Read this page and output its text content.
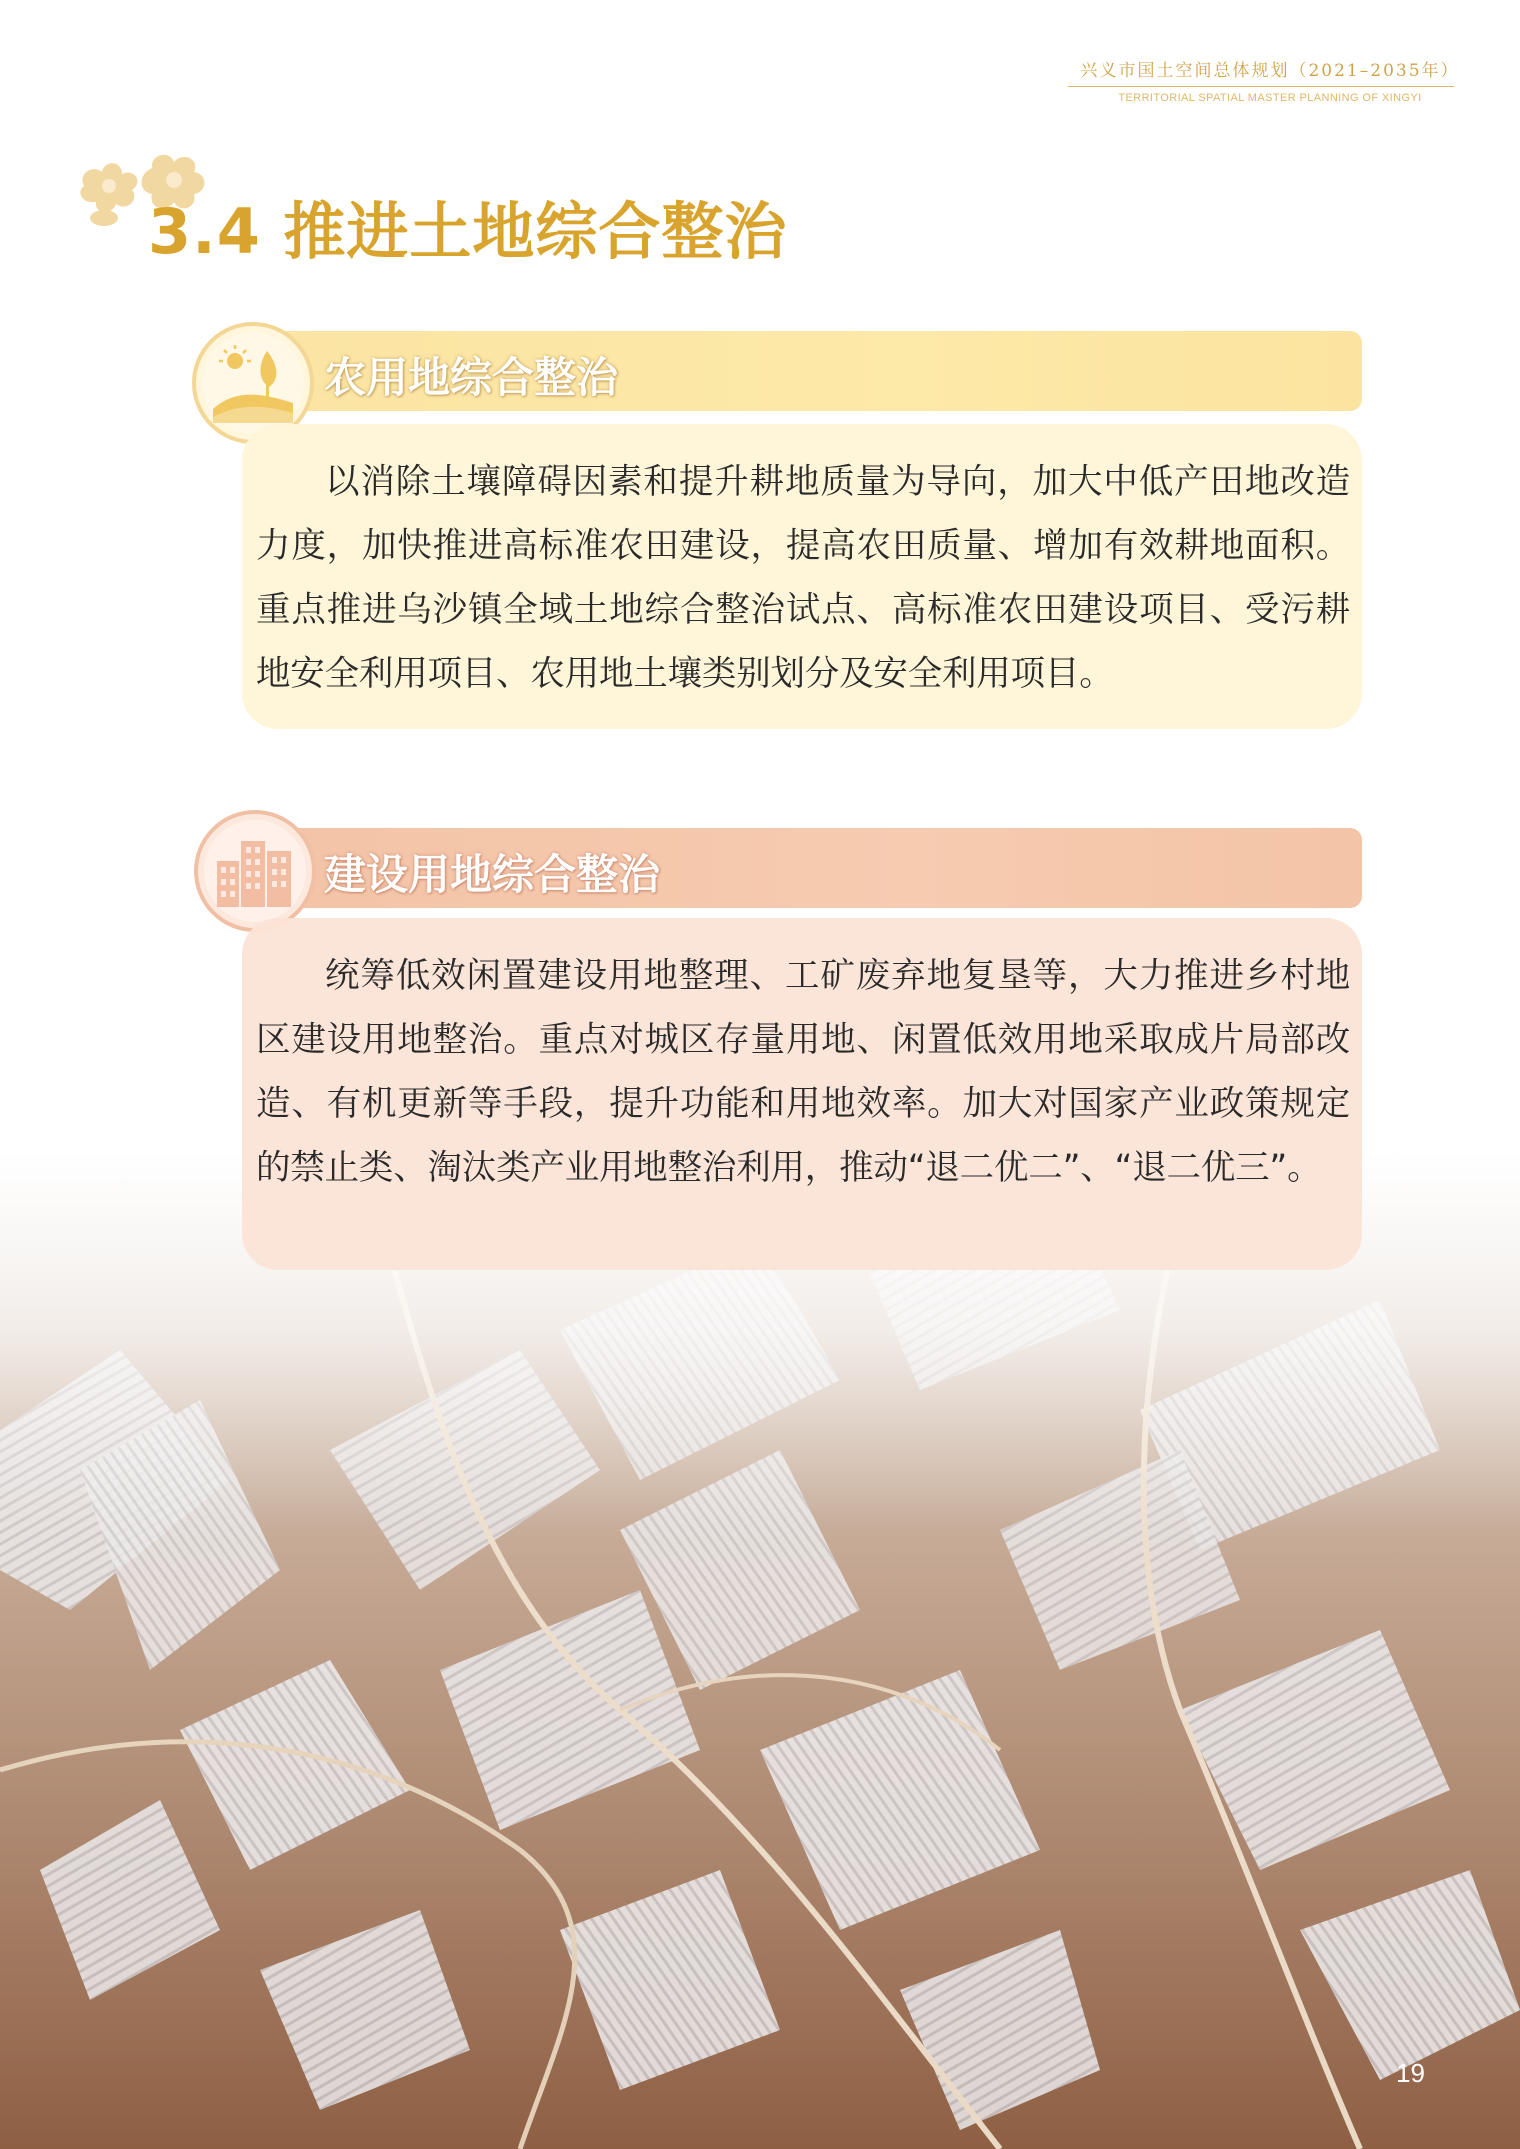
兴义市国土空间总体规划（2021–2035年）
TERRITORIAL SPATIAL MASTER PLANNING OF XINGYI
3.4 推进土地综合整治
农用地综合整治

以消除土壤障碍因素和提升耕地质量为导向，加大中低产田地改造力度，加快推进高标准农田建设，提高农田质量、增加有效耕地面积。重点推进乌沙镇全域土地综合整治试点、高标准农田建设项目、受污耕地安全利用项目、农用地土壤类别划分及安全利用项目。

建设用地综合整治

统筹低效闲置建设用地整理、工矿废弃地复垦等，大力推进乡村地区建设用地整治。重点对城区存量用地、闲置低效用地采取成片局部改造、有机更新等手段，提升功能和用地效率。加大对国家产业政策规定的禁止类、淘汰类产业用地整治利用，推动“退二优二”、“退二优三”。

19
